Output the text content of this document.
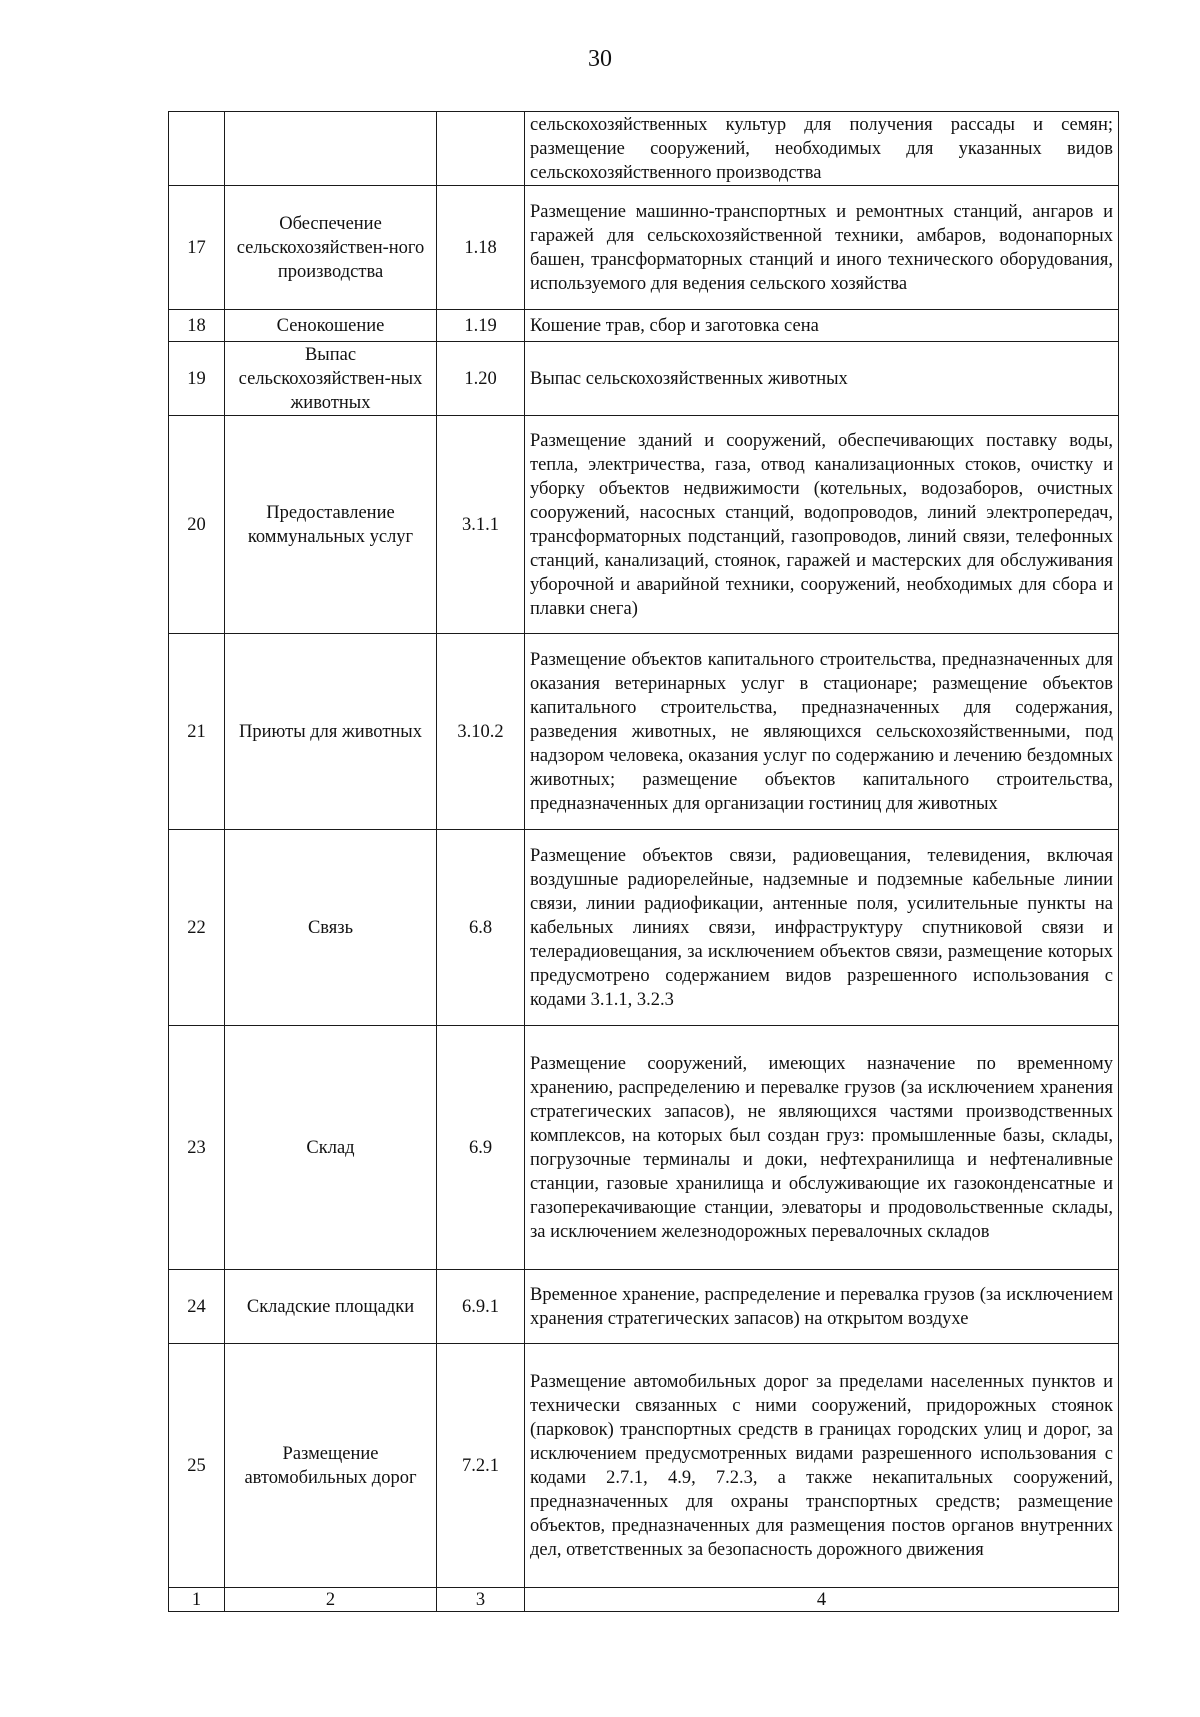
30
			сельскохозяйственных культур для получения рассады и семян; размещение сооружений, необходимых для указанных видов сельскохозяйственного производства
17	Обеспечение сельскохозяйствен-ного производства	1.18	Размещение машинно-транспортных и ремонтных станций, ангаров и гаражей для сельскохозяйственной техники, амбаров, водонапорных башен, трансформаторных станций и иного технического оборудования, используемого для ведения сельского хозяйства
18	Сенокошение	1.19	Кошение трав, сбор и заготовка сена
19	Выпас сельскохозяйствен-ных животных	1.20	Выпас сельскохозяйственных животных
20	Предоставление коммунальных услуг	3.1.1	Размещение зданий и сооружений, обеспечивающих поставку воды, тепла, электричества, газа, отвод канализационных стоков, очистку и уборку объектов недвижимости (котельных, водозаборов, очистных сооружений, насосных станций, водопроводов, линий электропередач, трансформаторных подстанций, газопроводов, линий связи, телефонных станций, канализаций, стоянок, гаражей и мастерских для обслуживания уборочной и аварийной техники, сооружений, необходимых для сбора и плавки снега)
21	Приюты для животных	3.10.2	Размещение объектов капитального строительства, предназначенных для оказания ветеринарных услуг в стационаре; размещение объектов капитального строительства, предназначенных для содержания, разведения животных, не являющихся сельскохозяйственными, под надзором человека, оказания услуг по содержанию и лечению бездомных животных; размещение объектов капитального строительства, предназначенных для организации гостиниц для животных
22	Связь	6.8	Размещение объектов связи, радиовещания, телевидения, включая воздушные радиорелейные, надземные и подземные кабельные линии связи, линии радиофикации, антенные поля, усилительные пункты на кабельных линиях связи, инфраструктуру спутниковой связи и телерадиовещания, за исключением объектов связи, размещение которых предусмотрено содержанием видов разрешенного использования с кодами 3.1.1, 3.2.3
23	Склад	6.9	Размещение сооружений, имеющих назначение по временному хранению, распределению и перевалке грузов (за исключением хранения стратегических запасов), не являющихся частями производственных комплексов, на которых был создан груз: промышленные базы, склады, погрузочные терминалы и доки, нефтехранилища и нефтеналивные станции, газовые хранилища и обслуживающие их газоконденсатные и газоперекачивающие станции, элеваторы и продовольственные склады, за исключением железнодорожных перевалочных складов
24	Складские площадки	6.9.1	Временное хранение, распределение и перевалка грузов (за исключением хранения стратегических запасов) на открытом воздухе
25	Размещение автомобильных дорог	7.2.1	Размещение автомобильных дорог за пределами населенных пунктов и технически связанных с ними сооружений, придорожных стоянок (парковок) транспортных средств в границах городских улиц и дорог, за исключением предусмотренных видами разрешенного использования с кодами 2.7.1, 4.9, 7.2.3, а также некапитальных сооружений, предназначенных для охраны транспортных средств; размещение объектов, предназначенных для размещения постов органов внутренних дел, ответственных за безопасность дорожного движения
1	2	3	4
